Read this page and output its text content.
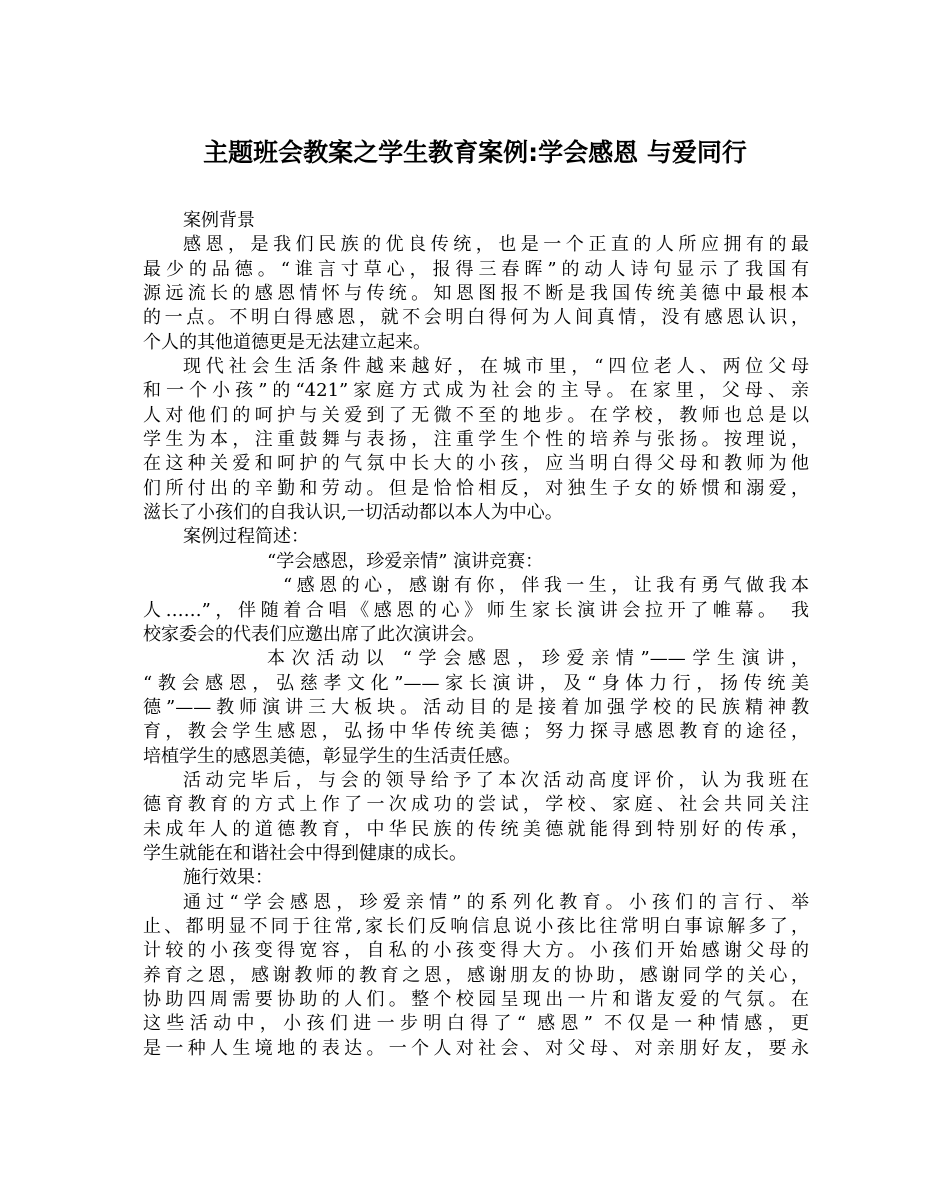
主题班会教案之学生教育案例:学会感恩 与爱同行
案例背景
感恩，是我们民族的优良传统，也是一个正直的人所应拥有的最
最少的品德。“谁言寸草心，报得三春晖”的动人诗句显示了我国有
源远流长的感恩情怀与传统。知恩图报不断是我国传统美德中最根本
的一点。不明白得感恩，就不会明白得何为人间真情，没有感恩认识，
个人的其他道德更是无法建立起来。
现代社会生活条件越来越好，在城市里，“四位老人、两位父母
和一个小孩”的“421”家庭方式成为社会的主导。在家里，父母、亲
人对他们的呵护与关爱到了无微不至的地步。在学校，教师也总是以
学生为本，注重鼓舞与表扬，注重学生个性的培养与张扬。按理说，
在这种关爱和呵护的气氛中长大的小孩，应当明白得父母和教师为他
们所付出的辛勤和劳动。但是恰恰相反，对独生子女的娇惯和溺爱，
滋长了小孩们的自我认识,一切活动都以本人为中心。
案例过程简述：
“学会感恩，珍爱亲情” 演讲竞赛：
“感恩的心，感谢有你，伴我一生，让我有勇气做我本
人……”，伴随着合唱《感恩的心》师生家长演讲会拉开了帷幕。 我
校家委会的代表们应邀出席了此次演讲会。
本次活动以 “学会感恩，珍爱亲情”——学生演讲，
“教会感恩，弘慈孝文化”——家长演讲，及“身体力行，扬传统美
德”——教师演讲三大板块。活动目的是接着加强学校的民族精神教
育，教会学生感恩，弘扬中华传统美德；努力探寻感恩教育的途径，
培植学生的感恩美德，彰显学生的生活责任感。
活动完毕后，与会的领导给予了本次活动高度评价，认为我班在
德育教育的方式上作了一次成功的尝试，学校、家庭、社会共同关注
未成年人的道德教育，中华民族的传统美德就能得到特别好的传承，
学生就能在和谐社会中得到健康的成长。
施行效果：
通过“学会感恩，珍爱亲情”的系列化教育。小孩们的言行、举
止、都明显不同于往常,家长们反响信息说小孩比往常明白事谅解多了，
计较的小孩变得宽容，自私的小孩变得大方。小孩们开始感谢父母的
养育之恩，感谢教师的教育之恩，感谢朋友的协助，感谢同学的关心，
协助四周需要协助的人们。整个校园呈现出一片和谐友爱的气氛。在
这些活动中，小孩们进一步明白得了“ 感恩” 不仅是一种情感，更
是一种人生境地的表达。一个人对社会、对父母、对亲朋好友，要永
